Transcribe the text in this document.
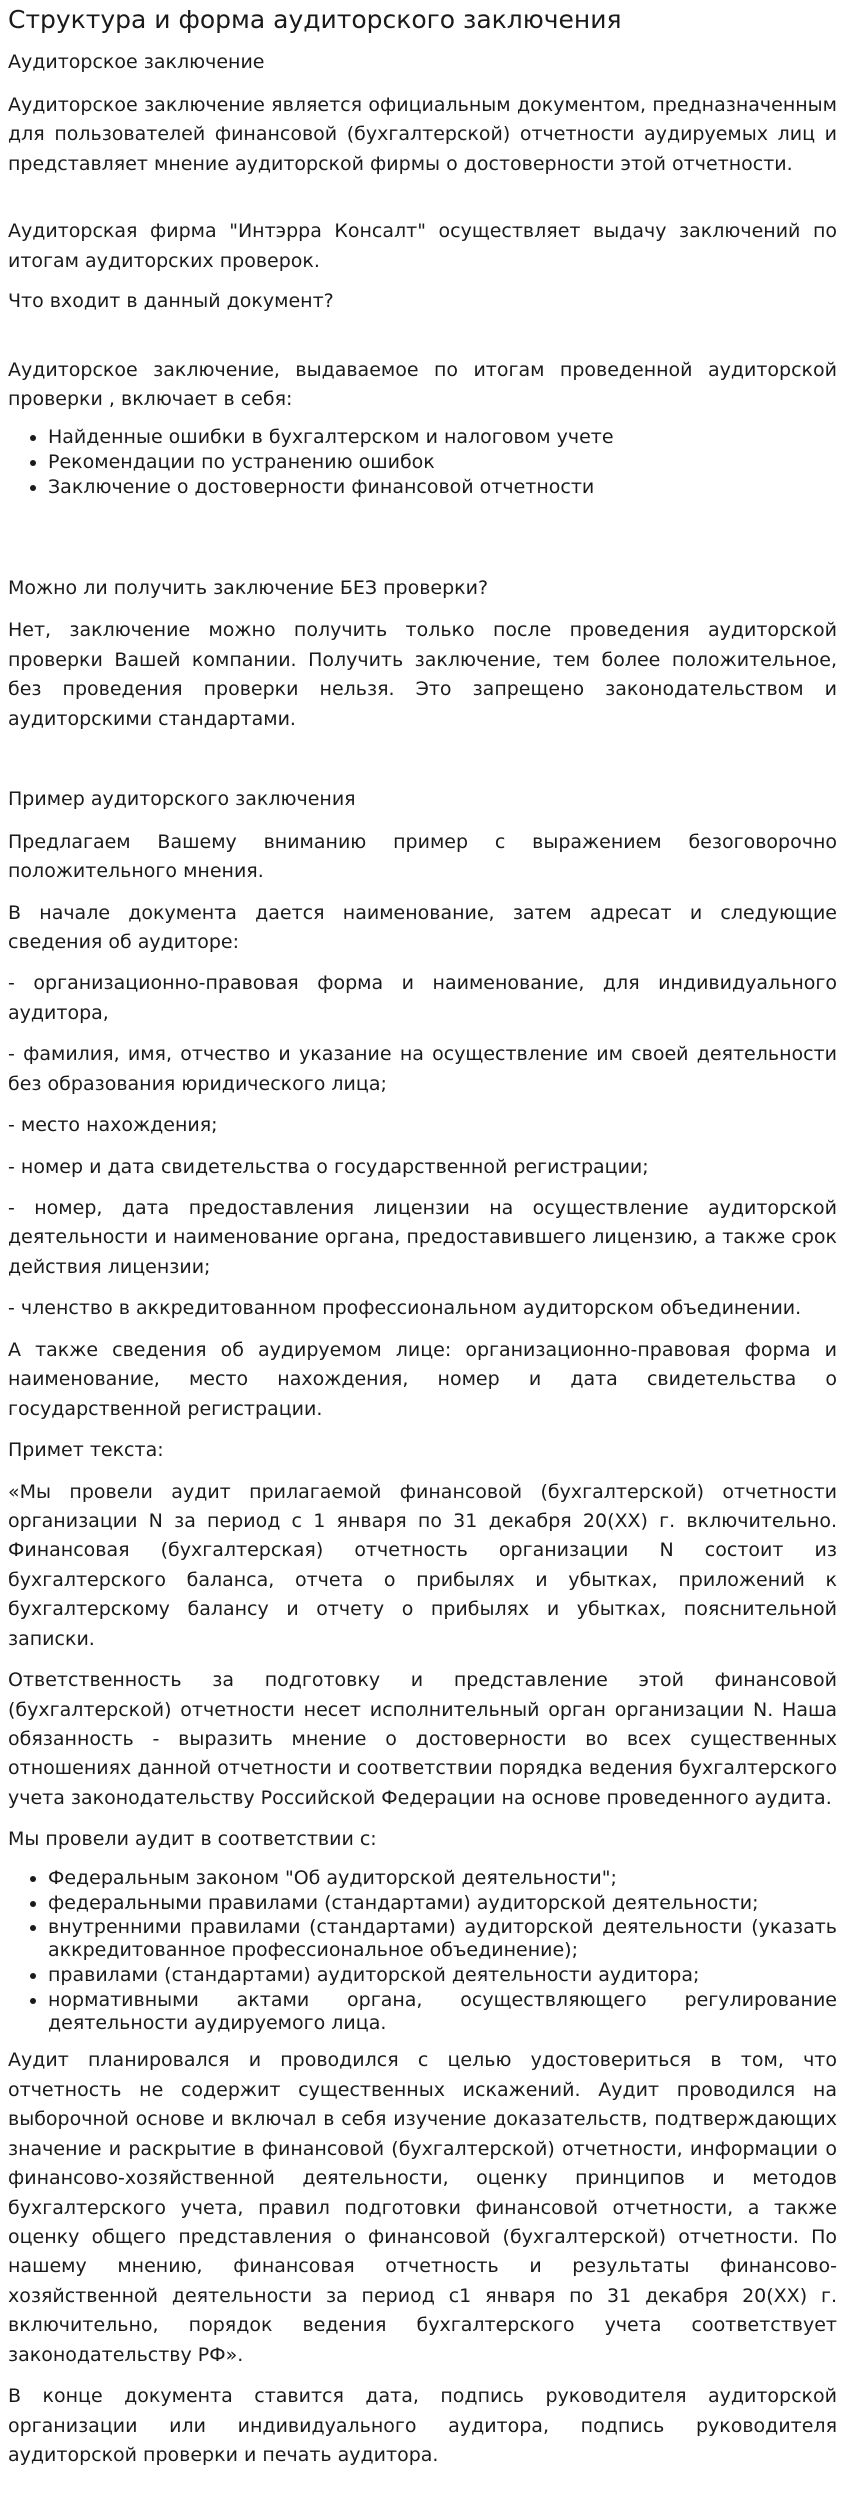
Структура и форма аудиторского заключения
Аудиторское заключение

Аудиторское заключение является официальным документом, предназначенным для пользователей финансовой (бухгалтерской) отчетности аудируемых лиц и представляет мнение аудиторской фирмы о достоверности этой отчетности.

Аудиторская фирма "Интэрра Консалт" осуществляет выдачу заключений по итогам аудиторских проверок.

Что входит в данный документ?

Аудиторское заключение, выдаваемое по итогам проведенной аудиторской проверки , включает в себя:

• Найденные ошибки в бухгалтерском и налоговом учете
• Рекомендации по устранению ошибок
• Заключение о достоверности финансовой отчетности
Можно ли получить заключение БЕЗ проверки?

Нет, заключение можно получить только после проведения аудиторской проверки Вашей компании. Получить заключение, тем более положительное, без проведения проверки нельзя. Это запрещено законодательством и аудиторскими стандартами.

Пример аудиторского заключения

Предлагаем Вашему вниманию пример с выражением безоговорочно положительного мнения.

В начале документа дается наименование, затем адресат и следующие сведения об аудиторе:

- организационно-правовая форма и наименование, для индивидуального аудитора,

- фамилия, имя, отчество и указание на осуществление им своей деятельности без образования юридического лица;

- место нахождения;

- номер и дата свидетельства о государственной регистрации;

- номер, дата предоставления лицензии на осуществление аудиторской деятельности и наименование органа, предоставившего лицензию, а также срок действия лицензии;

- членство в аккредитованном профессиональном аудиторском объединении.

А также сведения об аудируемом лице: организационно-правовая форма и наименование, место нахождения, номер и дата свидетельства о государственной регистрации.

Примет текста:

«Мы провели аудит прилагаемой финансовой (бухгалтерской) отчетности организации N за период с 1 января по 31 декабря 20(ХХ) г. включительно. Финансовая (бухгалтерская) отчетность организации N состоит из бухгалтерского баланса, отчета о прибылях и убытках, приложений к бухгалтерскому балансу и отчету о прибылях и убытках, пояснительной записки.

Ответственность за подготовку и представление этой финансовой (бухгалтерской) отчетности несет исполнительный орган организации N. Наша обязанность - выразить мнение о достоверности во всех существенных отношениях данной отчетности и соответствии порядка ведения бухгалтерского учета законодательству Российской Федерации на основе проведенного аудита.

Мы провели аудит в соответствии с:

• Федеральным законом "Об аудиторской деятельности";
• федеральными правилами (стандартами) аудиторской деятельности;
• внутренними правилами (стандартами) аудиторской деятельности (указать аккредитованное профессиональное объединение);
• правилами (стандартами) аудиторской деятельности аудитора;
• нормативными актами органа, осуществляющего регулирование деятельности аудируемого лица.

Аудит планировался и проводился с целью удостовериться в том, что отчетность не содержит существенных искажений. Аудит проводился на выборочной основе и включал в себя изучение доказательств, подтверждающих значение и раскрытие в финансовой (бухгалтерской) отчетности, информации о финансово-хозяйственной деятельности, оценку принципов и методов бухгалтерского учета, правил подготовки финансовой отчетности, а также оценку общего представления о финансовой (бухгалтерской) отчетности. По нашему мнению, финансовая отчетность и результаты финансово-хозяйственной деятельности за период с1 января по 31 декабря 20(ХХ) г. включительно, порядок ведения бухгалтерского учета соответствует законодательству РФ».

В конце документа ставится дата, подпись руководителя аудиторской организации или индивидуального аудитора, подпись руководителя аудиторской проверки и печать аудитора.
